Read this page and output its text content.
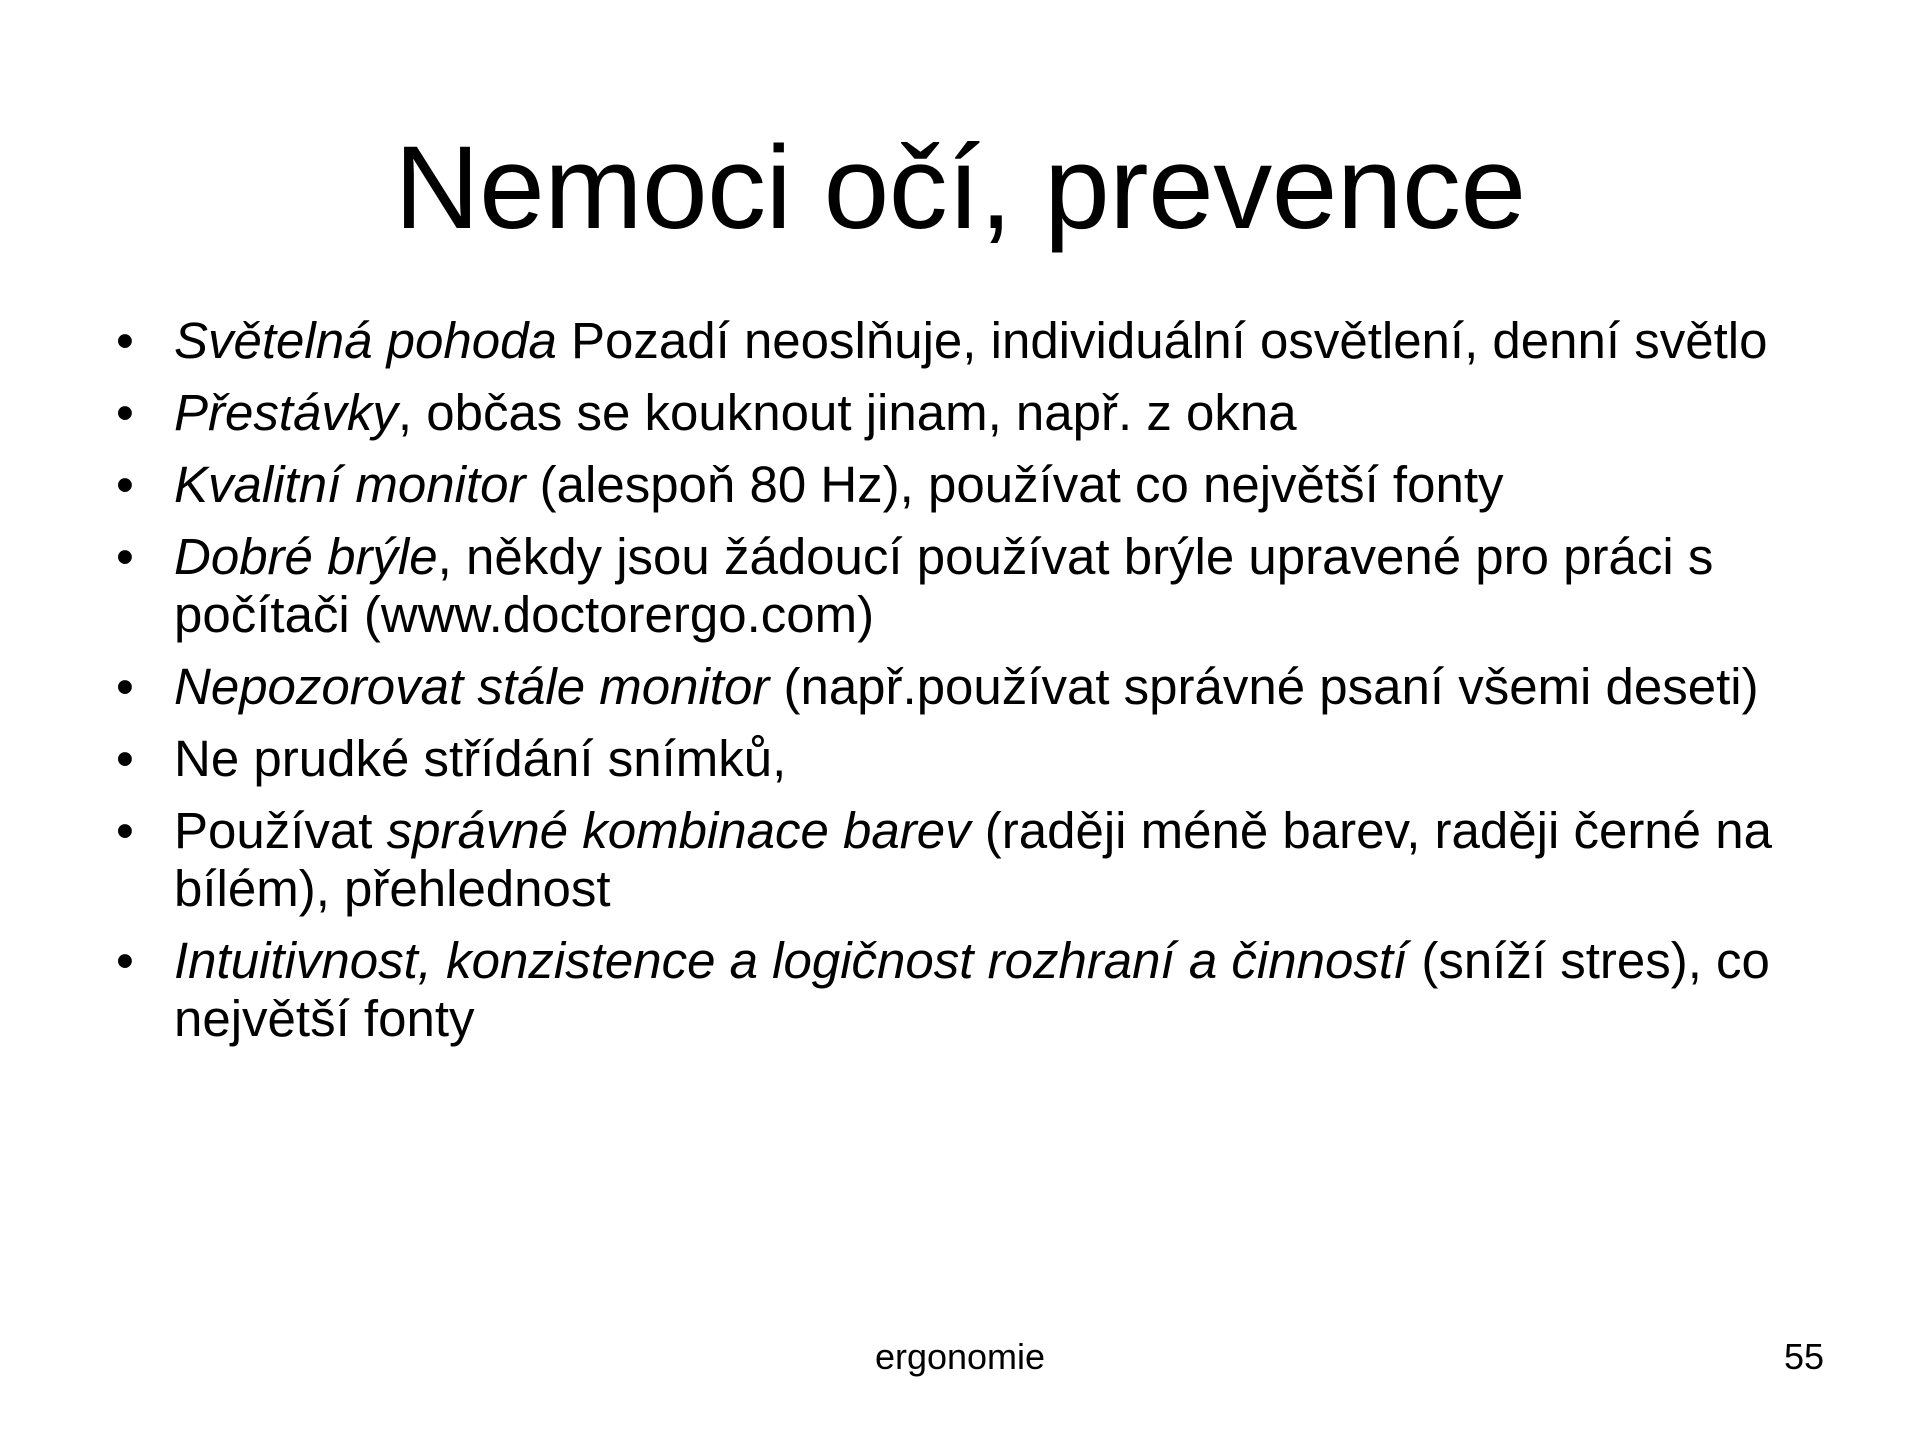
Nemoci očí, prevence
• Světelná pohoda Pozadí neoslňuje, individuální osvětlení, denní světlo
• Přestávky, občas se kouknout jinam, např. z okna
• Kvalitní monitor (alespoň 80 Hz), používat co největší fonty
• Dobré brýle, někdy jsou žádoucí používat brýle upravené pro práci s počítači (www.doctorergo.com)
• Nepozorovat stále monitor (např.používat správné psaní všemi deseti)
• Ne prudké střídání snímků,
• Používat správné kombinace barev (raději méně barev, raději černé na bílém), přehlednost
• Intuitivnost, konzistence a logičnost rozhraní a činností (sníží stres), co největší fonty
ergonomie	55
